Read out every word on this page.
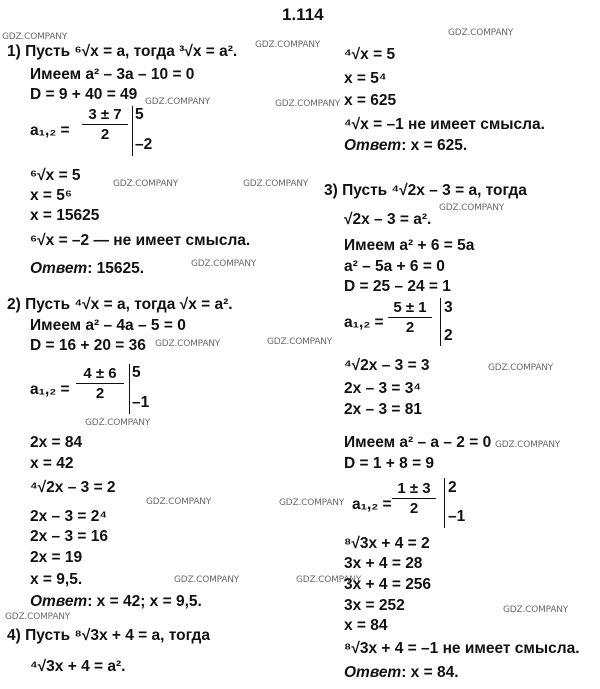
1.114
GDZ.COMPANY
GDZ.COMPANY
GDZ.COMPANY
GDZ.COMPANY	GDZ.COMPANY
GDZ.COMPANY	GDZ.COMPANY
GDZ.COMPANY
GDZ.COMPANY
GDZ.COMPANY	GDZ.COMPANY
GDZ.COMPANY
GDZ.COMPANY
GDZ.COMPANY
GDZ.COMPANY	GDZ.COMPANY
GDZ.COMPANY	GDZ.COMPANY
GDZ.COMPANY
GDZ.COMPANY
1) Пусть ⁶√x = a, тогда ³√x = a².
Имеем a² – 3a – 10 = 0
D = 9 + 40 = 49
a₁,₂ =
3 ± 7
2
5
–2
⁶√x = 5
x = 5⁶
x = 15625
⁶√x = –2 — не имеет смысла.
Ответ: 15625.
2) Пусть ⁴√x = a, тогда √x = a².
Имеем a² – 4a – 5 = 0
D = 16 + 20 = 36
a₁,₂ =
4 ± 6
2
5
–1
2x = 84
x = 42
⁴√2x – 3 = 2
2x – 3 = 2⁴
2x – 3 = 16
2x = 19
x = 9,5.
Ответ: x = 42; x = 9,5.
4) Пусть ⁸√3x + 4 = a, тогда
⁴√3x + 4 = a².
⁴√x = 5
x = 5⁴
x = 625
⁴√x = –1 не имеет смысла.
Ответ: x = 625.
3) Пусть ⁴√2x – 3 = a, тогда
√2x – 3 = a².
Имеем a² + 6 = 5a
a² – 5a + 6 = 0
D = 25 – 24 = 1
a₁,₂ =
5 ± 1
2
3
2
⁴√2x – 3 = 3
2x – 3 = 3⁴
2x – 3 = 81
Имеем a² – a – 2 = 0
D = 1 + 8 = 9
a₁,₂ =
1 ± 3
2
2
–1
⁸√3x + 4 = 2
3x + 4 = 28
3x + 4 = 256
3x = 252
x = 84
⁸√3x + 4 = –1 не имеет смысла.
Ответ: x = 84.
